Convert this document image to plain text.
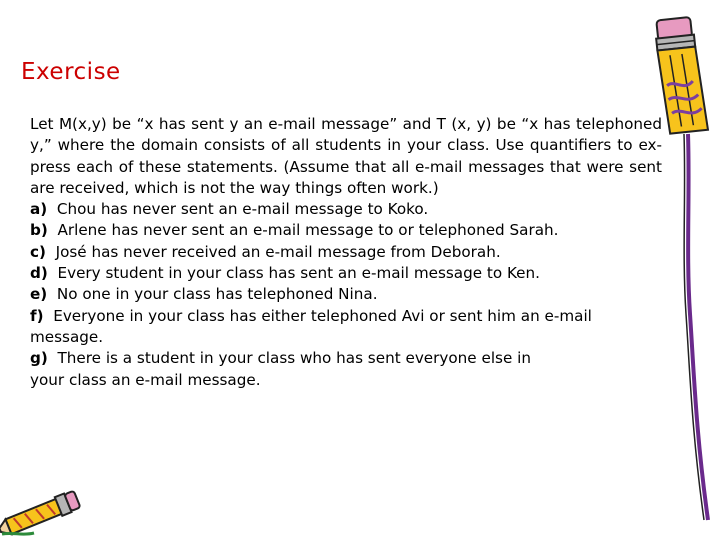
Exercise

Let M(x,y) be “x has sent y an e-mail message” and T (x, y) be “x has telephoned y,” where the domain consists of all students in your class. Use quantifiers to ex- press each of these statements. (Assume that all e-mail messages that were sent are received, which is not the way things often work.)

a) Chou has never sent an e-mail message to Koko.

b) Arlene has never sent an e-mail message to or telephoned Sarah.

c) José has never received an e-mail message from Deborah.

d) Every student in your class has sent an e-mail message to Ken.

e) No one in your class has telephoned Nina.

f) Everyone in your class has either telephoned Avi or sent him an e-mail message.

g) There is a student in your class who has sent everyone else in your class an e-mail message.
